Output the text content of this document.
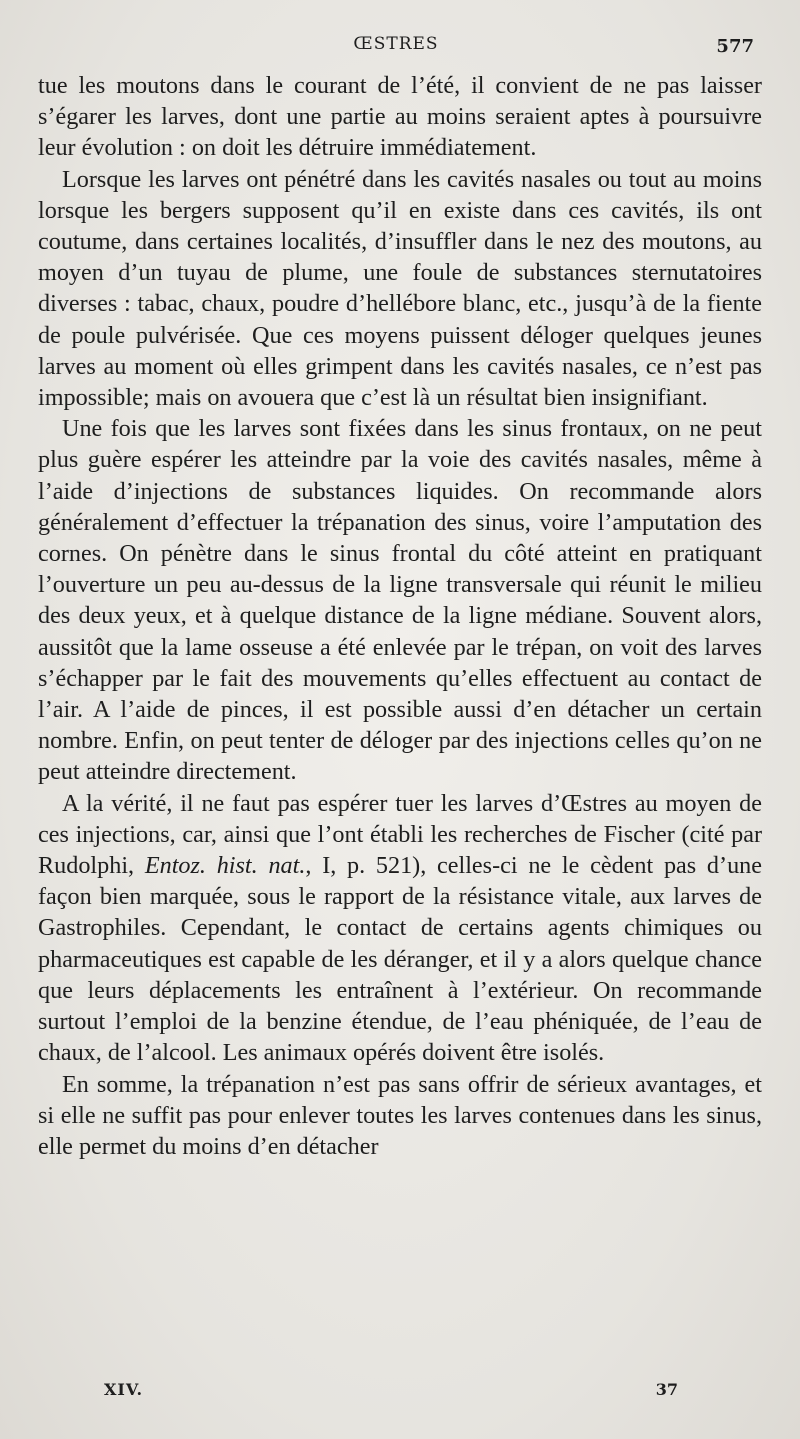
ŒSTRES	577

tue les moutons dans le courant de l’été, il convient de ne pas laisser s’égarer les larves, dont une partie au moins seraient aptes à poursuivre leur évolution : on doit les détruire immédiatement.

Lorsque les larves ont pénétré dans les cavités nasales ou tout au moins lorsque les bergers supposent qu’il en existe dans ces cavités, ils ont coutume, dans certaines localités, d’insuffler dans le nez des moutons, au moyen d’un tuyau de plume, une foule de substances sternutatoires diverses : tabac, chaux, poudre d’hellébore blanc, etc., jusqu’à de la fiente de poule pulvérisée. Que ces moyens puissent déloger quelques jeunes larves au moment où elles grimpent dans les cavités nasales, ce n’est pas impossible; mais on avouera que c’est là un résultat bien insignifiant.

Une fois que les larves sont fixées dans les sinus frontaux, on ne peut plus guère espérer les atteindre par la voie des cavités nasales, même à l’aide d’injections de substances liquides. On recommande alors généralement d’effectuer la trépanation des sinus, voire l’amputation des cornes. On pénètre dans le sinus frontal du côté atteint en pratiquant l’ouverture un peu au-dessus de la ligne transversale qui réunit le milieu des deux yeux, et à quelque distance de la ligne médiane. Souvent alors, aussitôt que la lame osseuse a été enlevée par le trépan, on voit des larves s’échapper par le fait des mouvements qu’elles effectuent au contact de l’air. A l’aide de pinces, il est possible aussi d’en détacher un certain nombre. Enfin, on peut tenter de déloger par des injections celles qu’on ne peut atteindre directement.

A la vérité, il ne faut pas espérer tuer les larves d’Œstres au moyen de ces injections, car, ainsi que l’ont établi les recherches de Fischer (cité par Rudolphi, Entoz. hist. nat., I, p. 521), celles-ci ne le cèdent pas d’une façon bien marquée, sous le rapport de la résistance vitale, aux larves de Gastrophiles. Cependant, le contact de certains agents chimiques ou pharmaceutiques est capable de les déranger, et il y a alors quelque chance que leurs déplacements les entraînent à l’extérieur. On recommande surtout l’emploi de la benzine étendue, de l’eau phéniquée, de l’eau de chaux, de l’alcool. Les animaux opérés doivent être isolés.

En somme, la trépanation n’est pas sans offrir de sérieux avantages, et si elle ne suffit pas pour enlever toutes les larves contenues dans les sinus, elle permet du moins d’en détacher

XIV.	37
